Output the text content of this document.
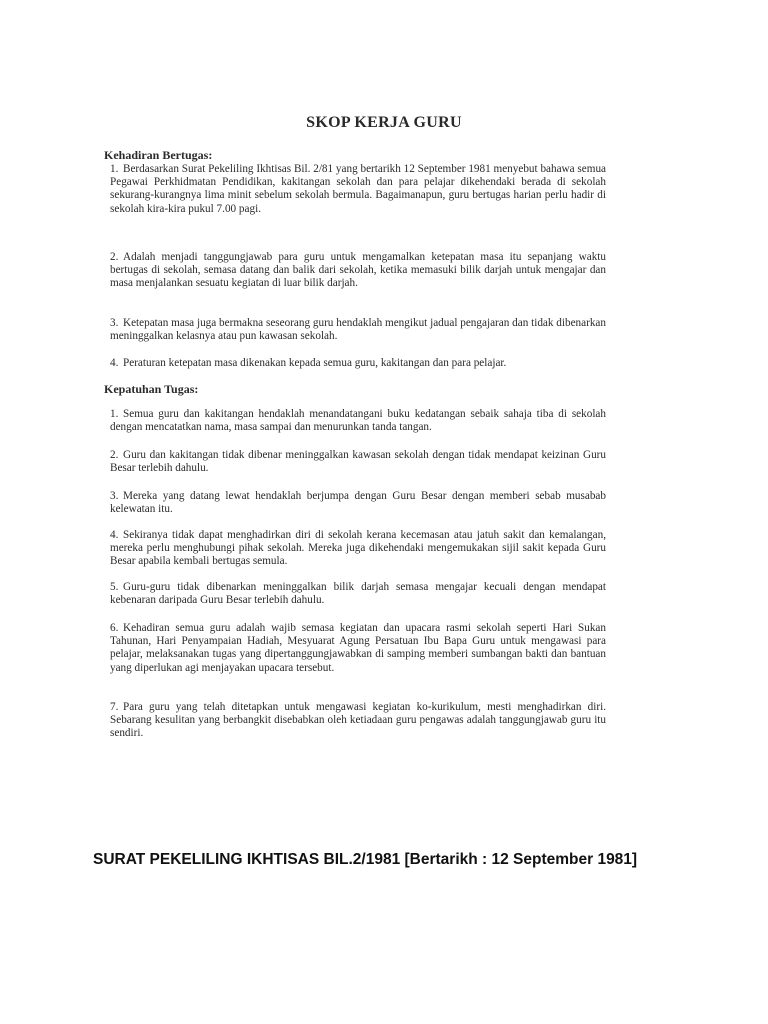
SKOP KERJA GURU
Kehadiran Bertugas:

1. Berdasarkan Surat Pekeliling Ikhtisas Bil. 2/81 yang bertarikh 12 September 1981 menyebut bahawa semua Pegawai Perkhidmatan Pendidikan, kakitangan sekolah dan para pelajar dikehendaki berada di sekolah sekurang-kurangnya lima minit sebelum sekolah bermula. Bagaimanapun, guru bertugas harian perlu hadir di sekolah kira-kira pukul 7.00 pagi.

2. Adalah menjadi tanggungjawab para guru untuk mengamalkan ketepatan masa itu sepanjang waktu bertugas di sekolah, semasa datang dan balik dari sekolah, ketika memasuki bilik darjah untuk mengajar dan masa menjalankan sesuatu kegiatan di luar bilik darjah.

3. Ketepatan masa juga bermakna seseorang guru hendaklah mengikut jadual pengajaran dan tidak dibenarkan meninggalkan kelasnya atau pun kawasan sekolah.

4. Peraturan ketepatan masa dikenakan kepada semua guru, kakitangan dan para pelajar.

Kepatuhan Tugas:

1. Semua guru dan kakitangan hendaklah menandatangani buku kedatangan sebaik sahaja tiba di sekolah dengan mencatatkan nama, masa sampai dan menurunkan tanda tangan.

2. Guru dan kakitangan tidak dibenar meninggalkan kawasan sekolah dengan tidak mendapat keizinan Guru Besar terlebih dahulu.

3. Mereka yang datang lewat hendaklah berjumpa dengan Guru Besar dengan memberi sebab musabab kelewatan itu.

4. Sekiranya tidak dapat menghadirkan diri di sekolah kerana kecemasan atau jatuh sakit dan kemalangan, mereka perlu menghubungi pihak sekolah. Mereka juga dikehendaki mengemukakan sijil sakit kepada Guru Besar apabila kembali bertugas semula.

5. Guru-guru tidak dibenarkan meninggalkan bilik darjah semasa mengajar kecuali dengan mendapat kebenaran daripada Guru Besar terlebih dahulu.

6. Kehadiran semua guru adalah wajib semasa kegiatan dan upacara rasmi sekolah seperti Hari Sukan Tahunan, Hari Penyampaian Hadiah, Mesyuarat Agung Persatuan Ibu Bapa Guru untuk mengawasi para pelajar, melaksanakan tugas yang dipertanggungjawabkan di samping memberi sumbangan bakti dan bantuan yang diperlukan agi menjayakan upacara tersebut.

7. Para guru yang telah ditetapkan untuk mengawasi kegiatan ko-kurikulum, mesti menghadirkan diri. Sebarang kesulitan yang berbangkit disebabkan oleh ketiadaan guru pengawas adalah tanggungjawab guru itu sendiri.

SURAT PEKELILING IKHTISAS BIL.2/1981 [Bertarikh : 12 September 1981]
